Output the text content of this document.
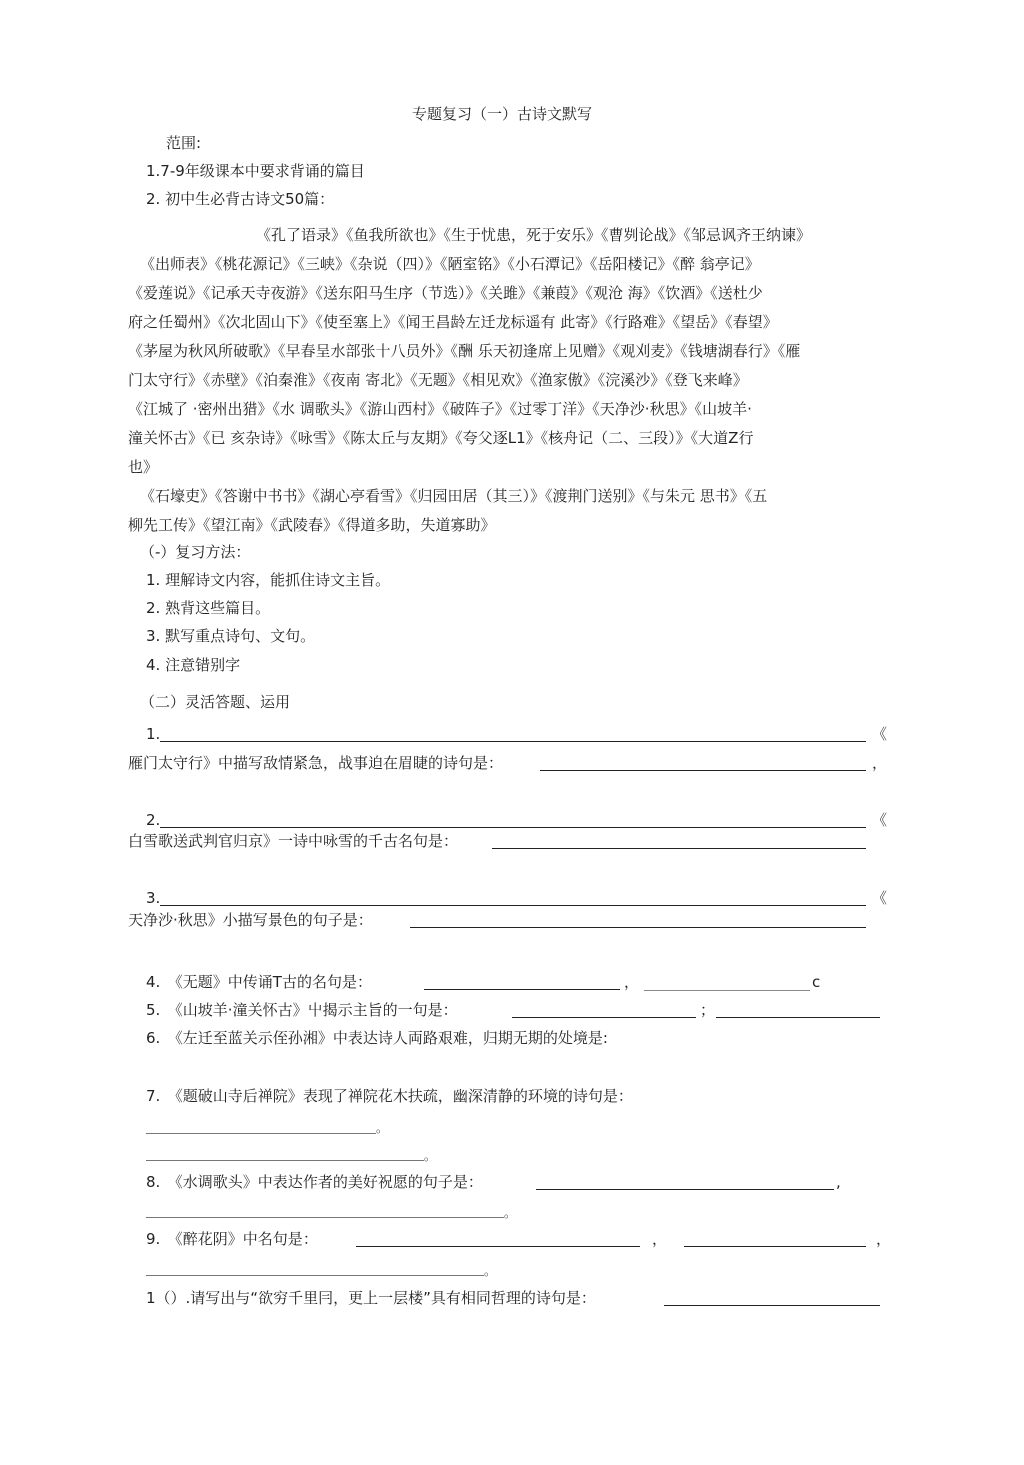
专题复习（一）古诗文默写
范围:
1.7-9年级课本中要求背诵的篇目
2. 初中生必背古诗文50篇：
《孔了语录》《鱼我所欲也》《生于忧患，死于安乐》《曹刿论战》《邹忌讽齐王纳谏》
《出师表》《桃花源记》《三峡》《杂说（四）》《陋室铭》《小石潭记》《岳阳楼记》《醉 翁亭记》
《爱莲说》《记承天寺夜游》《送东阳马生序（节选）》《关雎》《兼葭》《观沧 海》《饮酒》《送杜少
府之任蜀州》《次北固山下》《使至塞上》《闻王昌龄左迁龙标遥有 此寄》《行路难》《望岳》《春望》
《茅屋为秋风所破歌》《早春呈水部张十八员外》《酬 乐天初逢席上见赠》《观刈麦》《钱塘湖春行》《雁
门太守行》《赤壁》《泊秦淮》《夜南 寄北》《无题》《相见欢》《渔家傲》《浣溪沙》《登飞来峰》
《江城了 ·密州出猎》《水 调歌头》《游山西村》《破阵子》《过零丁洋》《天净沙·秋思》《山坡羊·
潼关怀古》《已 亥杂诗》《咏雪》《陈太丘与友期》《夸父逐L1》《核舟记（二、三段）》《大道Z行
也》
《石壕吏》《答谢中书书》《湖心亭看雪》《归园田居（其三）》《渡荆门送别》《与朱元 思书》《五
柳先工传》《望江南》《武陵春》《得道多助，失道寡助》
（-）复习方法：
1. 理解诗文内容，能抓住诗文主旨。
2. 熟背这些篇目。
3. 默写重点诗句、文句。
4. 注意错别字
（二）灵活答题、运用
1.	《
雁门太守行》中描写敌情紧急，战事迫在眉睫的诗句是：	，
2.	《
白雪歌送武判官归京》一诗中咏雪的千古名句是：
3.	《
天净沙·秋思》小描写景色的句子是：
4.　《无题》中传诵T古的名句是：	，	c
5.　《山坡羊·潼关怀古》屮揭示主旨的一句是：	；
6.　《左迁至蓝关示侄孙湘》中表达诗人両路艰难，归期无期的处境是:
7.　《题破山寺后禅院》表现了禅院花木扶疏，幽深清静的环境的诗句是：
。
。
8.　《水调歌头》中表达作者的美好祝愿的句子是：	,
。
9.　《醉花阴》中名句是：	，	，
。
1（）.请写出与“欲穷千里冃，更上一层楼”具有相同哲理的诗句是：
